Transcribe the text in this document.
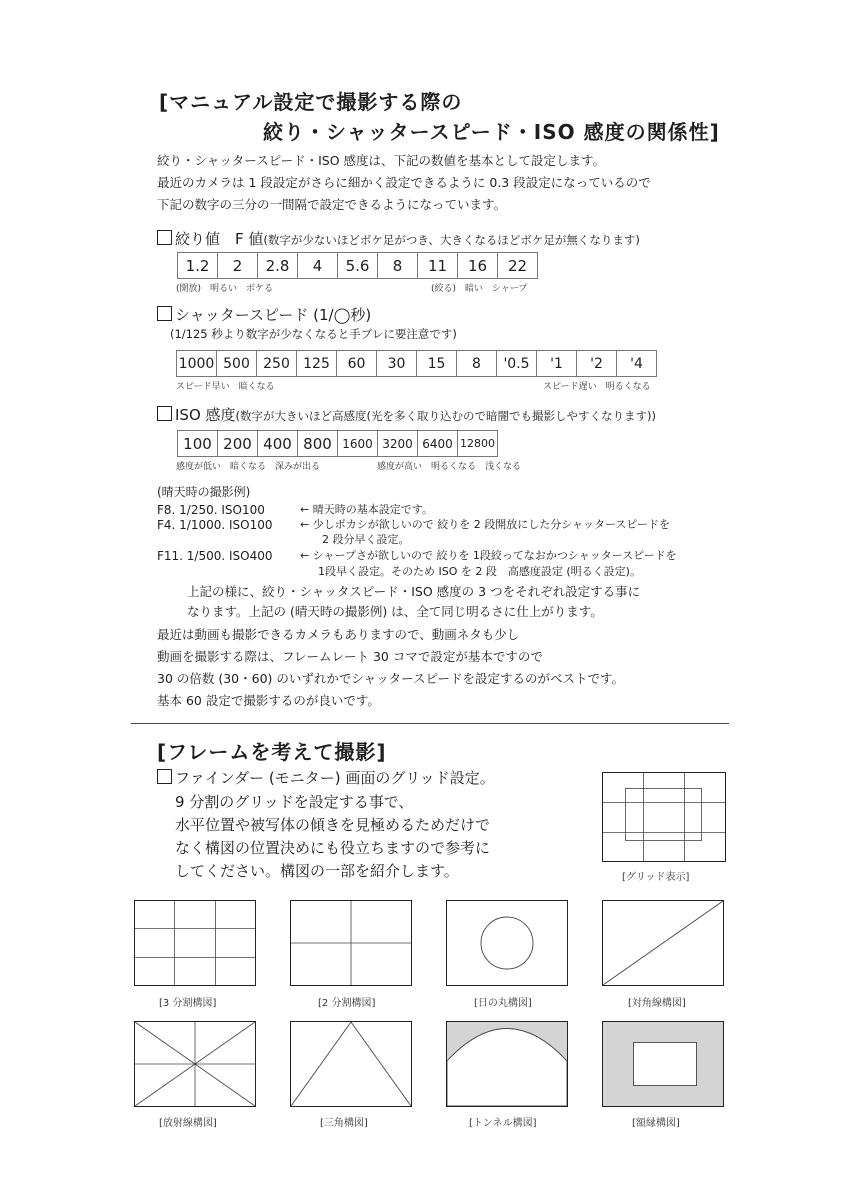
[マニュアル設定で撮影する際の
絞り・シャッタースピード・ISO 感度の関係性]
絞り・シャッタースピード・ISO 感度は、下記の数値を基本として設定します。
最近のカメラは 1 段設定がさらに細かく設定できるように 0.3 段設定になっているので
下記の数字の三分の一間隔で設定できるようになっています。
絞り値　F 値(数字が少ないほどボケ足がつき、大きくなるほどボケ足が無くなります)
1.2	2	2.8	4	5.6	8	11	16	22
(開放)　明るい　ボケる	(絞る)　暗い　シャープ
シャッタースピード (1/◯秒)
(1/125 秒より数字が少なくなると手ブレに要注意です)
1000 500 250 125	60	30	15	8	'0.5	'1	'2	'4
スピード早い　暗くなる	スピード遅い　明るくなる
ISO 感度(数字が大きいほど高感度(光を多く取り込むので暗闇でも撮影しやすくなります))
100 200 400 800 1600 3200 6400 12800
感度が低い　暗くなる　深みが出る	感度が高い　明るくなる　浅くなる
(晴天時の撮影例)
F8. 1/250. ISO100	← 晴天時の基本設定です。
F4. 1/1000. ISO100 ← 少しボカシが欲しいので 絞りを 2 段開放にした分シャッタースピードを
2 段分早く設定。
F11. 1/500. ISO400 ← シャープさが欲しいので 絞りを 1段絞ってなおかつシャッタースピードを
1段早く設定。そのため ISO を 2 段　高感度設定 (明るく設定)。
上記の様に、絞り・シャッタスピード・ISO 感度の 3 つをそれぞれ設定する事に
なります。上記の (晴天時の撮影例) は、全て同じ明るさに仕上がります。
最近は動画も撮影できるカメラもありますので、動画ネタも少し
動画を撮影する際は、フレームレート 30 コマで設定が基本ですので
30 の倍数 (30・60) のいずれかでシャッタースピードを設定するのがベストです。
基本 60 設定で撮影するのが良いです。
[フレームを考えて撮影]
ファインダー (モニター) 画面のグリッド設定。
9 分割のグリッドを設定する事で、
水平位置や被写体の傾きを見極めるためだけで
なく構図の位置決めにも役立ちますので参考に
してください。構図の一部を紹介します。	[グリッド表示]
[3 分割構図]	[2 分割構図]	[日の丸構図]	[対角線構図]
[放射線構図]	[三角構図]	[トンネル構図]	[額縁構図]
